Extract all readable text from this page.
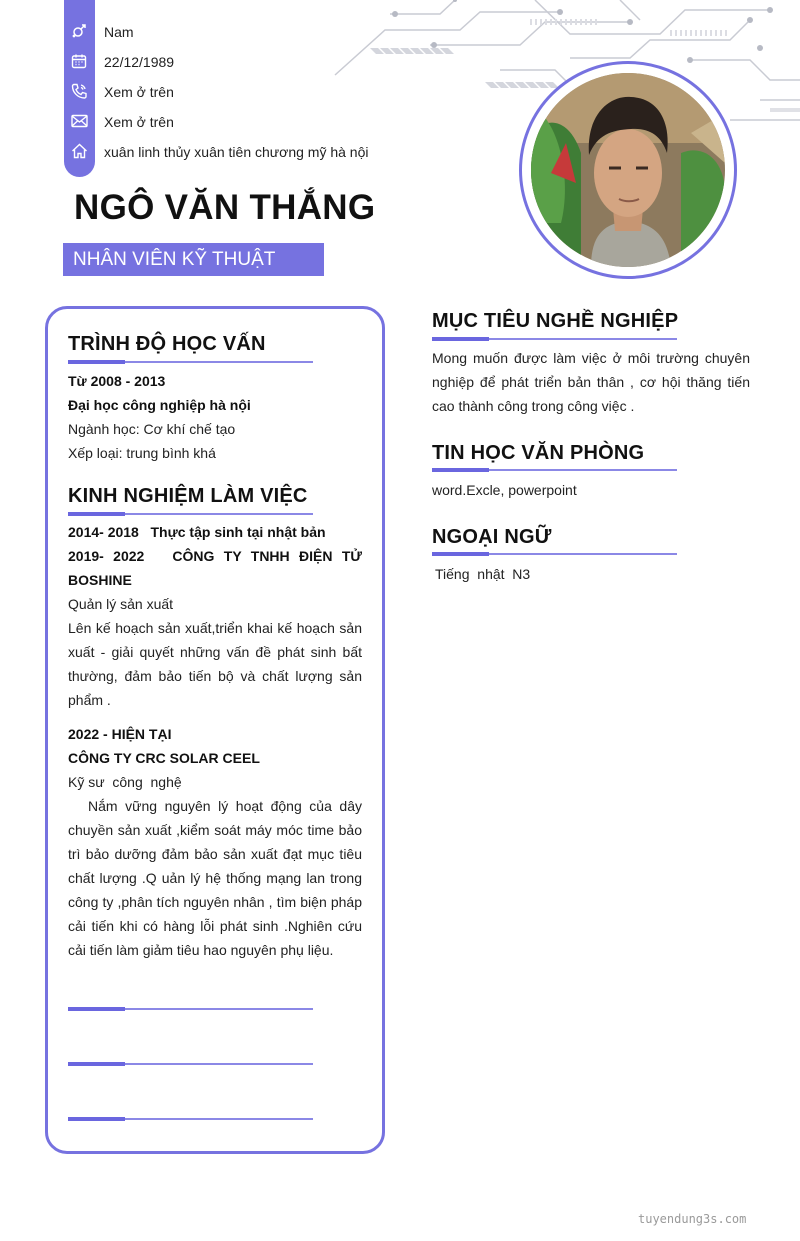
Nam
22/12/1989
Xem ở trên
Xem ở trên
xuân linh thủy xuân tiên chương mỹ hà nội
NGÔ VĂN THẮNG
NHÂN VIÊN KỸ THUẬT
TRÌNH ĐỘ HỌC VẤN
Từ 2008 - 2013
Đại học công nghiệp hà nội
Ngành học: Cơ khí chế tạo
Xếp loại: trung bình khá
KINH NGHIỆM LÀM VIỆC
2014- 2018   Thực tập sinh tại nhật bản
2019- 2022   CÔNG TY TNHH ĐIỆN TỬ
BOSHINE
Quản lý sản xuất
Lên kế hoạch sản xuất,triển khai kế hoạch sản xuất - giải quyết những vấn đề phát sinh bất thường, đảm bảo tiến bộ và chất lượng sản phẩm .
2022 - HIỆN TẠI
CÔNG TY CRC SOLAR CEEL
Kỹ sư  công  nghệ
Nắm vững nguyên lý hoạt động của dây chuyền sản xuất ,kiểm soát máy móc time bảo trì bảo dưỡng đảm bảo sản xuất đạt mục tiêu chất lượng .Q uản lý hệ thống mạng lan trong công ty ,phân tích nguyên nhân , tìm biện pháp cải tiến khi có hàng lỗi phát sinh .Nghiên cứu cải tiến làm giảm tiêu hao nguyên phụ liệu.
MỤC TIÊU NGHỀ NGHIỆP
Mong muốn được làm việc ở môi trường chuyên nghiệp để phát triển bản thân , cơ hội thăng tiến cao thành công trong công việc .
TIN HỌC VĂN PHÒNG
word.Excle, powerpoint
NGOẠI NGỮ
Tiếng  nhật  N3
tuyendung3s.com
